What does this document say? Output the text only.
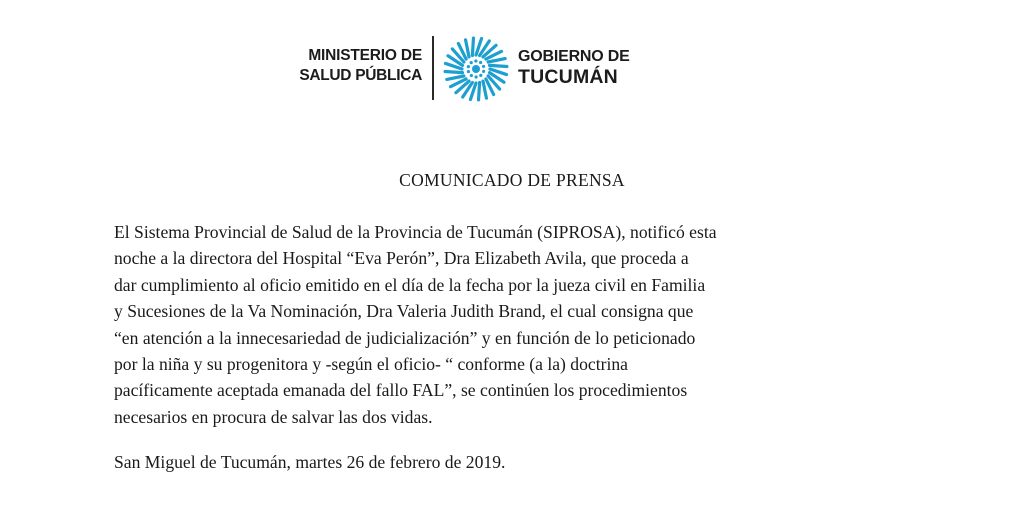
MINISTERIO DE
SALUD PÚBLICA
GOBIERNO DE
TUCUMÁN
COMUNICADO DE PRENSA
El Sistema Provincial de Salud de la Provincia de Tucumán (SIPROSA), notificó esta
noche a la directora del Hospital “Eva Perón”, Dra Elizabeth Avila, que proceda a
dar cumplimiento al oficio emitido en el día de la fecha por la jueza civil en Familia
y Sucesiones de la Va Nominación, Dra Valeria Judith Brand, el cual consigna que
“en atención a la innecesariedad de judicialización” y en función de lo peticionado
por la niña y su progenitora y -según el oficio- “ conforme (a la) doctrina
pacíficamente aceptada emanada del fallo FAL”, se continúen los procedimientos
necesarios en procura de salvar las dos vidas.
San Miguel de Tucumán, martes 26 de febrero de 2019.
